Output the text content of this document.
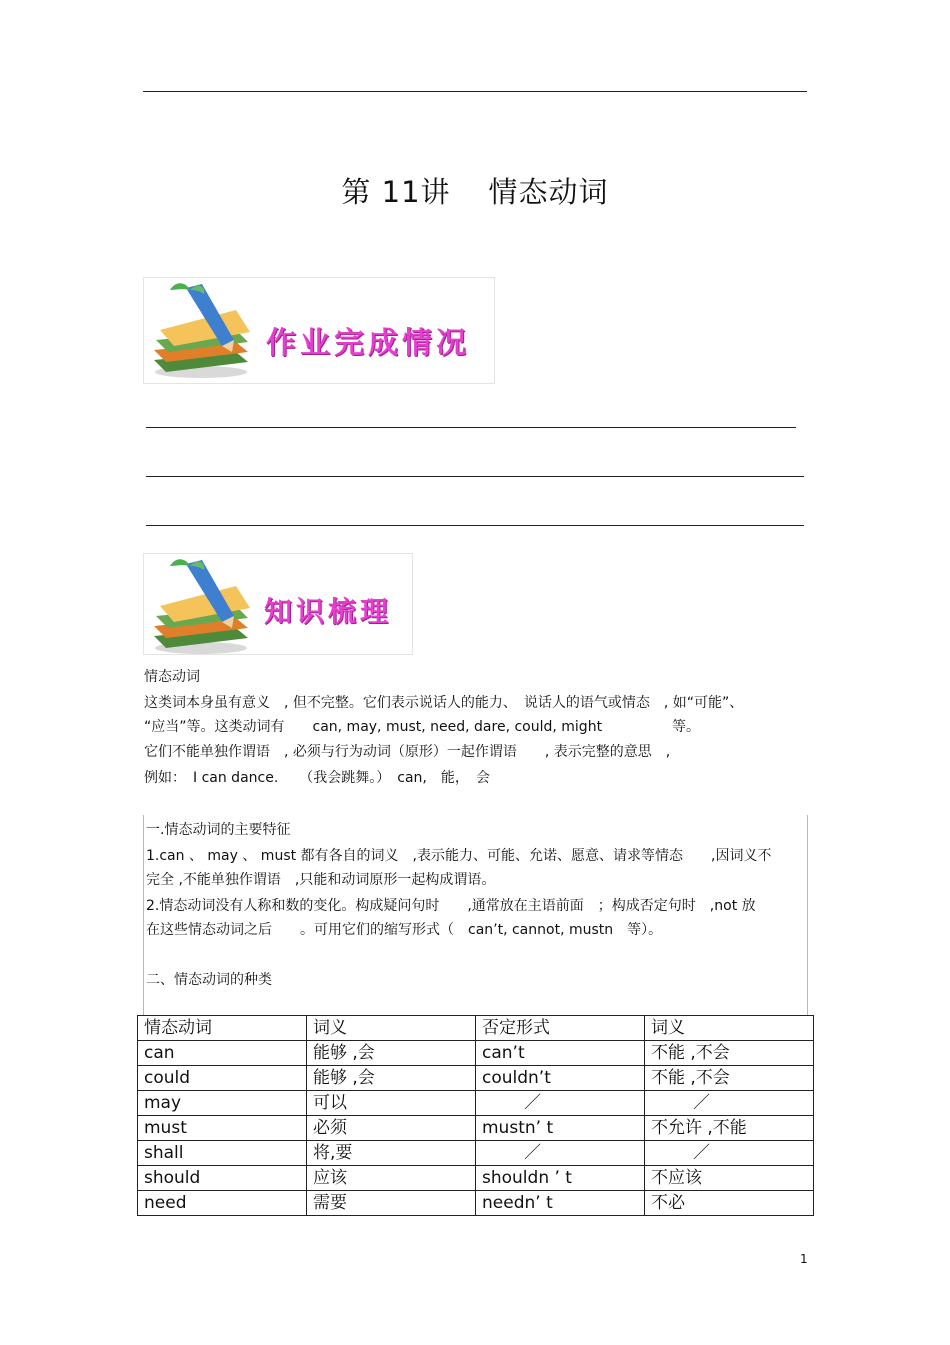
第 11讲 情态动词
作业完成情况
知识梳理
情态动词
这类词本身虽有意义　, 但不完整。它们表示说话人的能力、　说话人的语气或情态　, 如“可能”、
“应当”等。这类动词有　　can, may, must, need, dare, could, might　　　　　等。
它们不能单独作谓语　, 必须与行为动词（原形）一起作谓语　　, 表示完整的意思　,
例如：　I can dance.　　（我会跳舞。）　can,　能，　会
一.情态动词的主要特征
1.can 、 may 、 must 都有各自的词义　,表示能力、可能、允诺、愿意、请求等情态　　,因词义不
完全 ,不能单独作谓语　,只能和动词原形一起构成谓语。
2.情态动词没有人称和数的变化。构成疑问句时　　,通常放在主语前面　；构成否定句时　,not 放
在这些情态动词之后　　。可用它们的缩写形式（　can’t, cannot, mustn　等）。
二、情态动词的种类
情态动词	词义	否定形式	词义
can	能够 ,会	can’t	不能 ,不会
could	能够 ,会	couldn’t	不能 ,不会
may	可以	／	／
must	必须	mustn’ t	不允许 ,不能
shall	将,要	／	／
should	应该	shouldn ’ t	不应该
need	需要	needn’ t	不必
1
